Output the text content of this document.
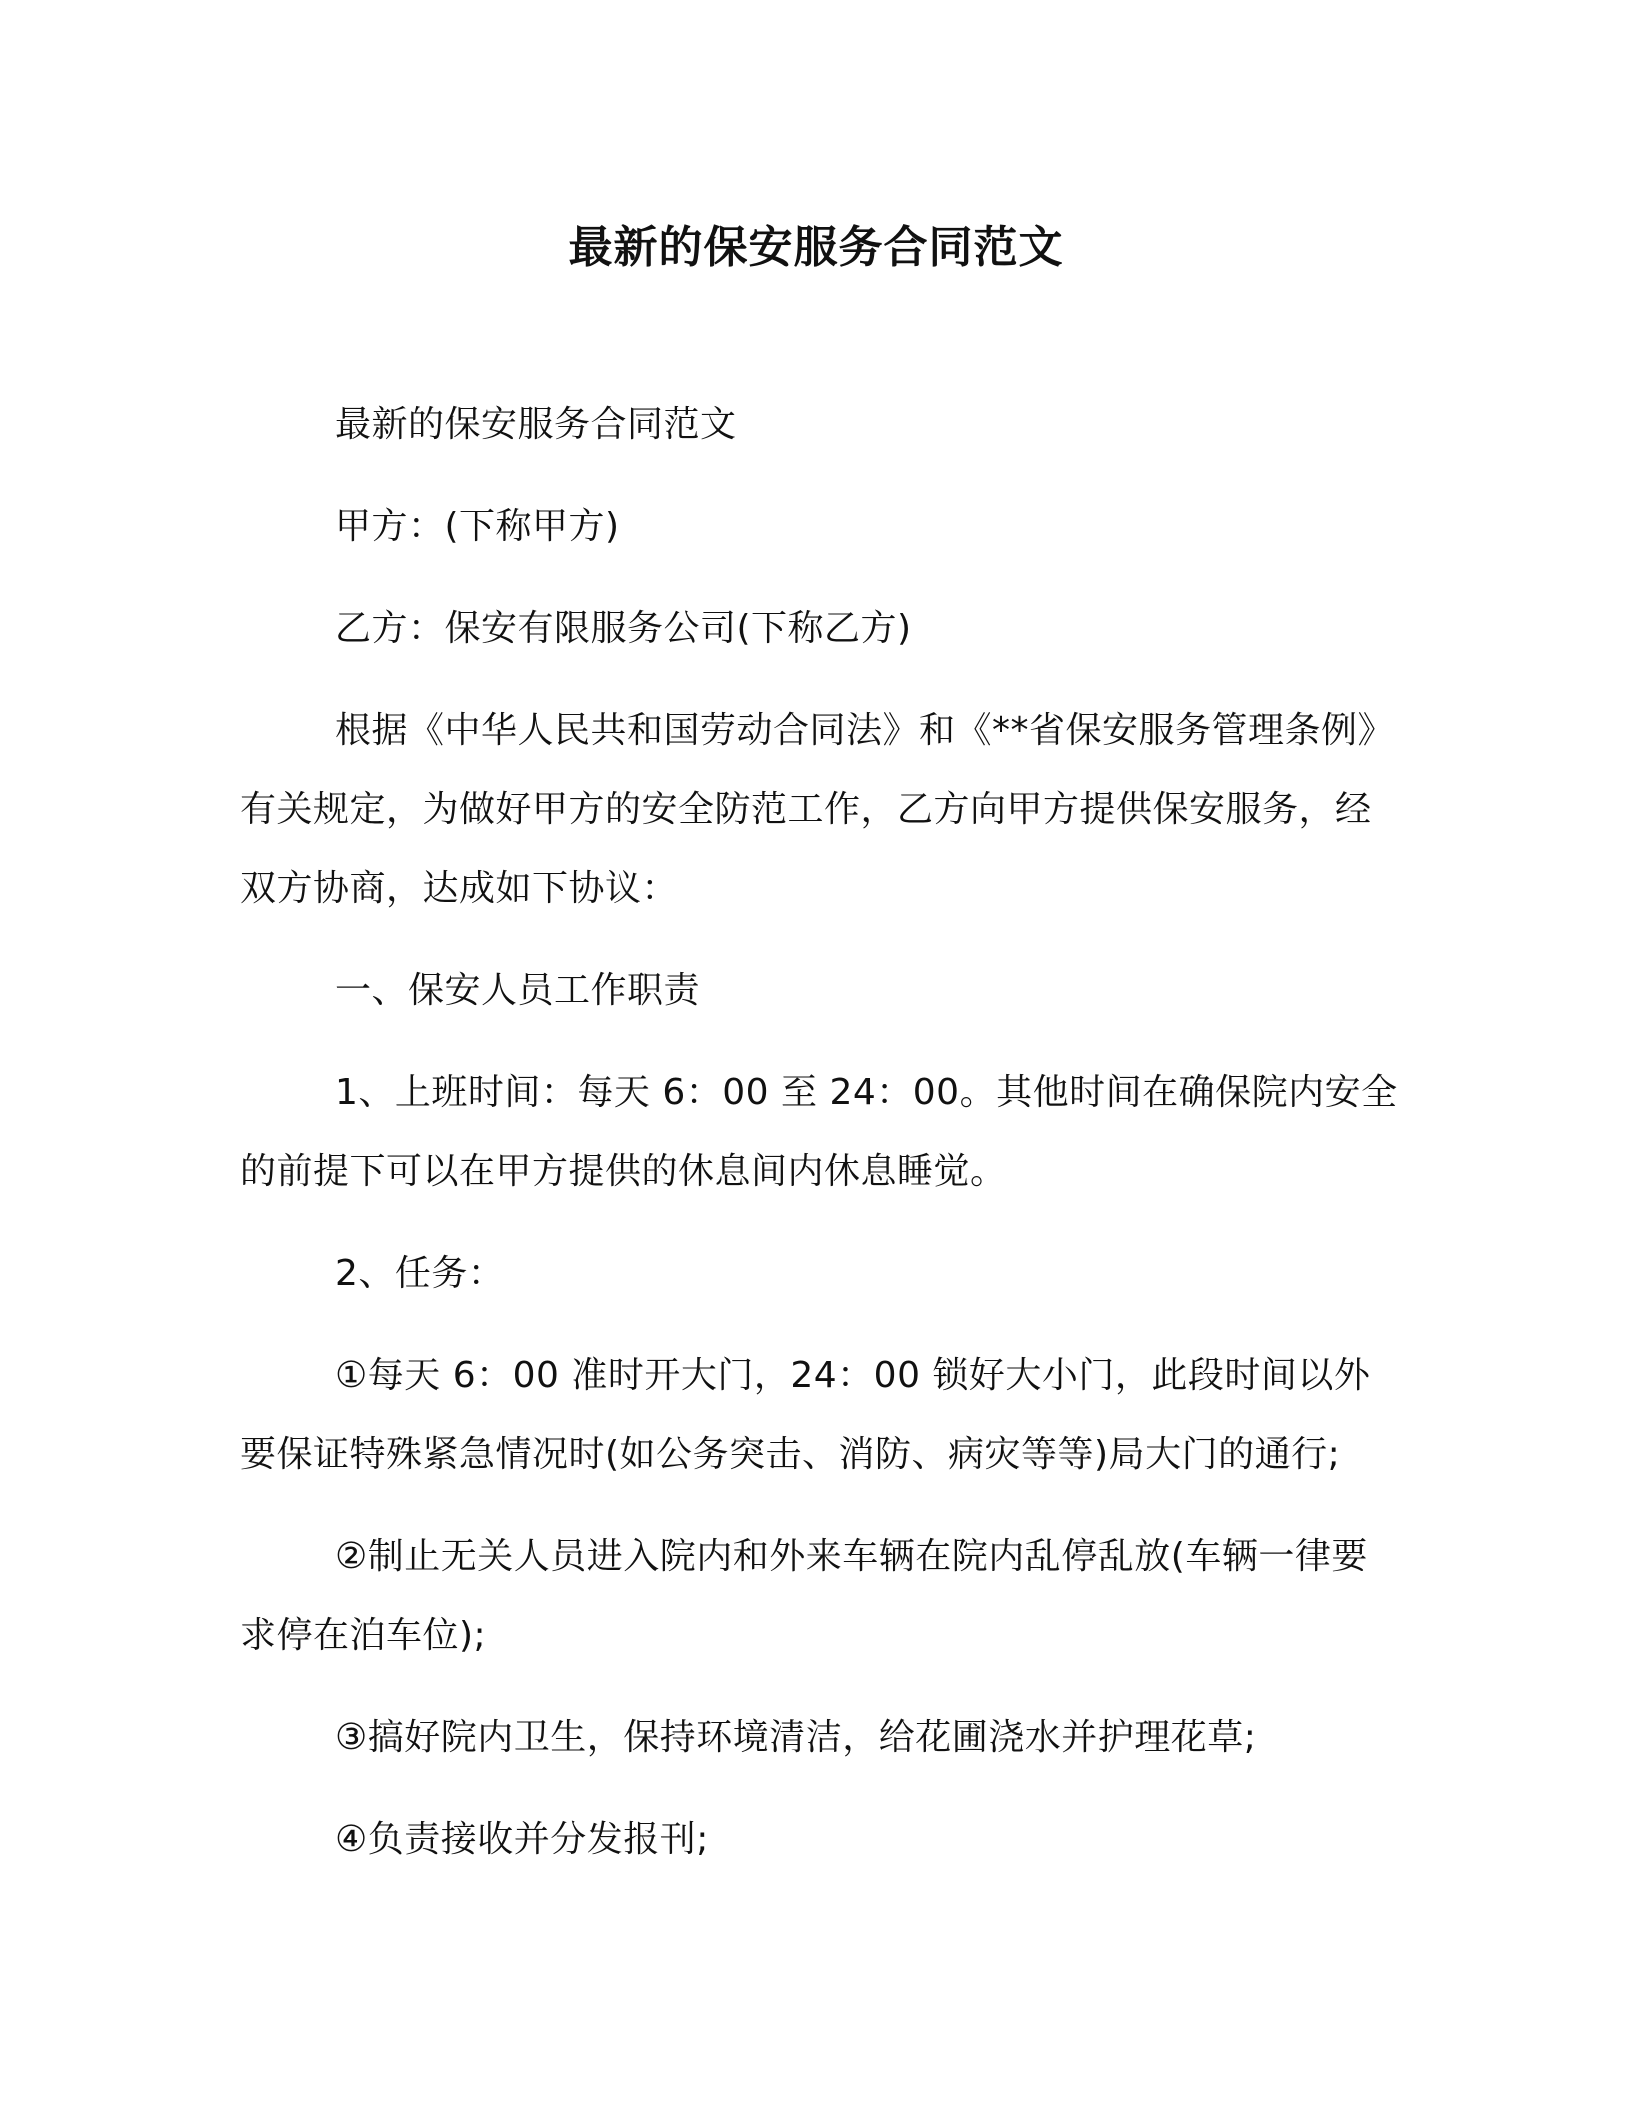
最新的保安服务合同范文

最新的保安服务合同范文

甲方：(下称甲方)

乙方：保安有限服务公司(下称乙方)

根据《中华人民共和国劳动合同法》和《**省保安服务管理条例》有关规定，为做好甲方的安全防范工作，乙方向甲方提供保安服务，经双方协商，达成如下协议：

一、保安人员工作职责

1、上班时间：每天 6：00 至 24：00。其他时间在确保院内安全的前提下可以在甲方提供的休息间内休息睡觉。

2、任务：

①每天 6：00 准时开大门，24：00 锁好大小门，此段时间以外要保证特殊紧急情况时(如公务突击、消防、病灾等等)局大门的通行;

②制止无关人员进入院内和外来车辆在院内乱停乱放(车辆一律要求停在泊车位);

③搞好院内卫生，保持环境清洁，给花圃浇水并护理花草;

④负责接收并分发报刊;
